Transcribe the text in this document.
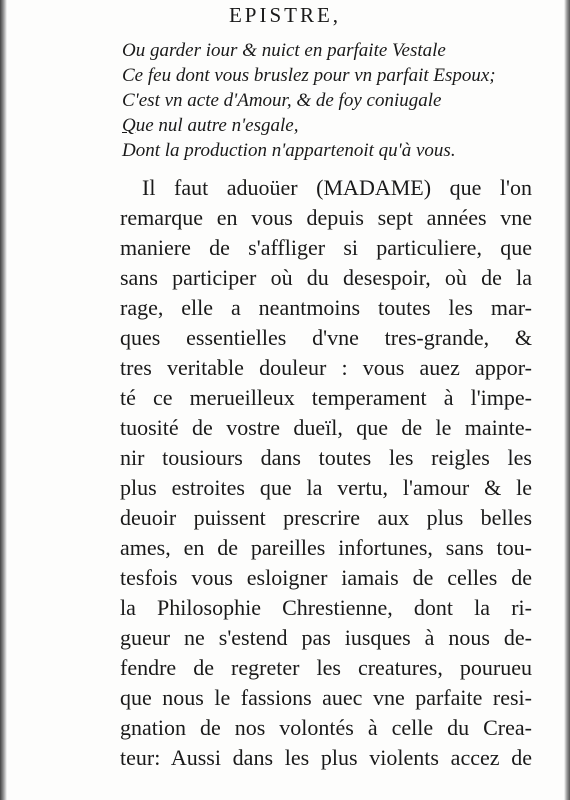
EPISTRE,
Ou garder iour & nuict en parfaite Vestale
Ce feu dont vous bruslez pour vn parfait Espoux;
C'est vn acte d'Amour, & de foy coniugale
Que nul autre n'esgale,
Dont la production n'appartenoit qu'à vous.
Il faut aduoüer (MADAME) que l'on
remarque en vous depuis sept années vne
maniere de s'affliger si particuliere, que
sans participer où du desespoir, où de la
rage, elle a neantmoins toutes les mar-
ques essentielles d'vne tres-grande, &
tres veritable douleur : vous auez appor-
té ce merueilleux temperament à l'impe-
tuosité de vostre dueïl, que de le mainte-
nir tousiours dans toutes les reigles les
plus estroites que la vertu, l'amour & le
deuoir puissent prescrire aux plus belles
ames, en de pareilles infortunes, sans tou-
tesfois vous esloigner iamais de celles de
la Philosophie Chrestienne, dont la ri-
gueur ne s'estend pas iusques à nous de-
fendre de regreter les creatures, pourueu
que nous le fassions auec vne parfaite resi-
gnation de nos volontés à celle du Crea-
teur: Aussi dans les plus violents accez de
